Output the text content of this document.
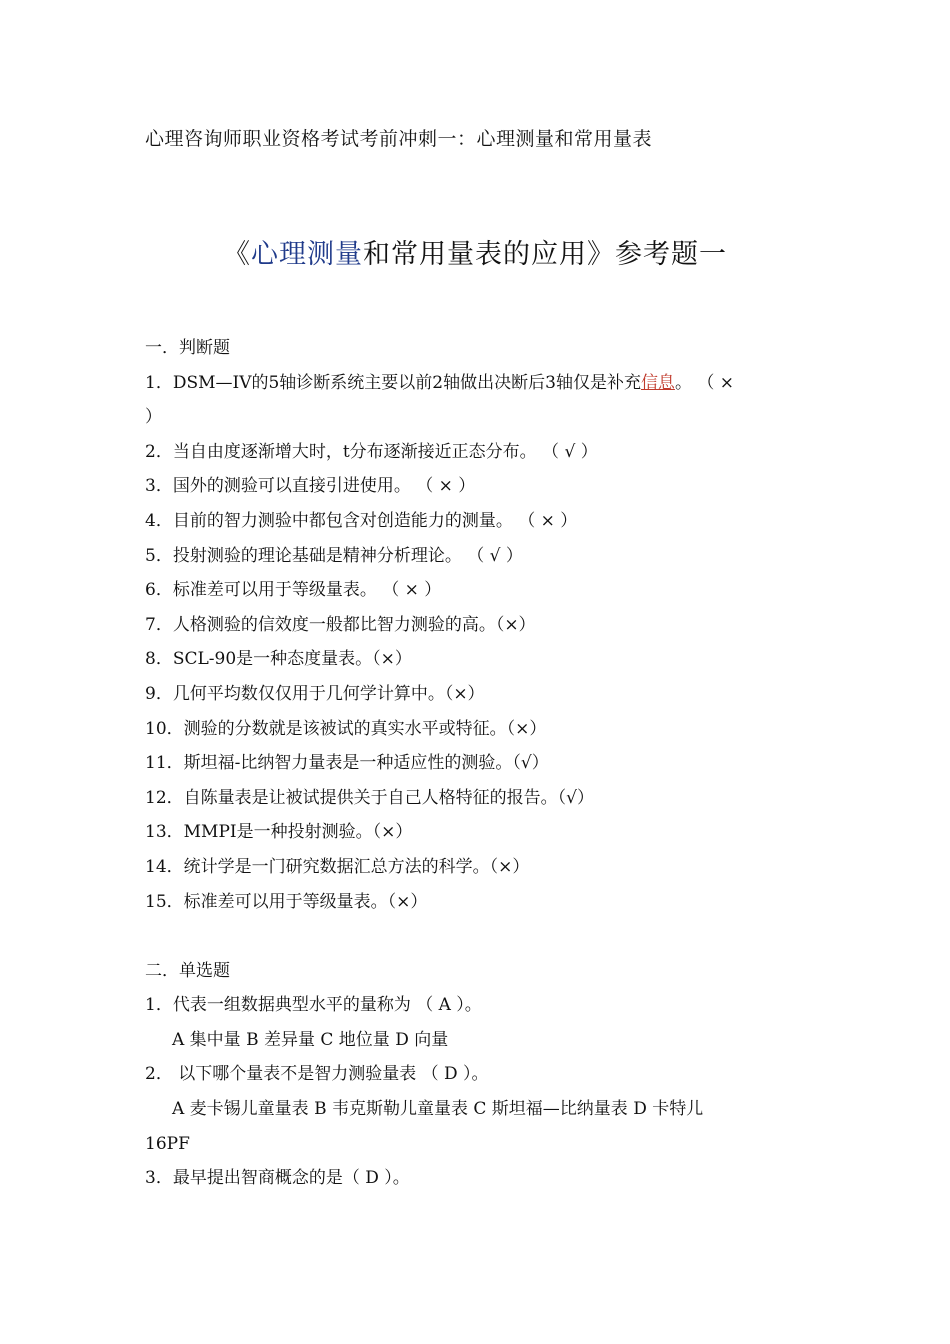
心理咨询师职业资格考试考前冲刺一：心理测量和常用量表
《心理测量和常用量表的应用》参考题一
一．判断题
1．DSM—IV的5轴诊断系统主要以前2轴做出决断后3轴仅是补充信息。 （ ×
）
2．当自由度逐渐增大时，t分布逐渐接近正态分布。 （ √ ）
3．国外的测验可以直接引进使用。 （ × ）
4．目前的智力测验中都包含对创造能力的测量。 （ × ）
5．投射测验的理论基础是精神分析理论。 （ √ ）
6．标准差可以用于等级量表。 （ × ）
7．人格测验的信效度一般都比智力测验的高。（×）
8．SCL-90是一种态度量表。（×）
9．几何平均数仅仅用于几何学计算中。（×）
10．测验的分数就是该被试的真实水平或特征。（×）
11．斯坦福-比纳智力量表是一种适应性的测验。（√）
12．自陈量表是让被试提供关于自己人格特征的报告。（√）
13．MMPI是一种投射测验。（×）
14．统计学是一门研究数据汇总方法的科学。（×）
15．标准差可以用于等级量表。（×）
二．单选题
1．代表一组数据典型水平的量称为 （ A ）。
A 集中量 B 差异量 C 地位量 D 向量
2． 以下哪个量表不是智力测验量表 （ D ）。
A 麦卡锡儿童量表 B 韦克斯勒儿童量表 C 斯坦福—比纳量表 D 卡特儿
16PF
3．最早提出智商概念的是（ D ）。
